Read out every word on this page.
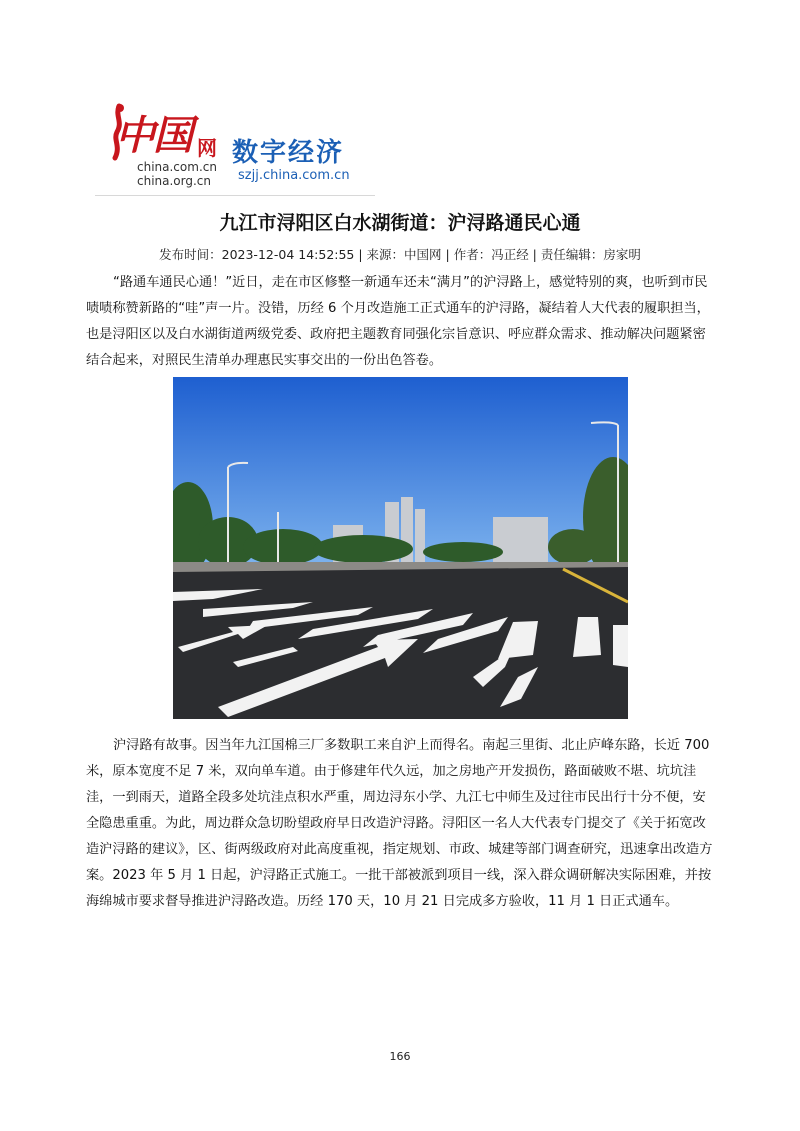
中国 网
china.com.cn
china.org.cn
数字经济
szjj.china.com.cn
九江市浔阳区白水湖街道：沪浔路通民心通
发布时间：2023-12-04 14:52:55 | 来源：中国网 | 作者：冯正经 | 责任编辑：房家明

“路通车通民心通！”近日，走在市区修整一新通车还未“满月”的沪浔路上，感觉特别的爽，也听到市民啧啧称赞新路的“哇”声一片。没错，历经 6 个月改造施工正式通车的沪浔路，凝结着人大代表的履职担当，也是浔阳区以及白水湖街道两级党委、政府把主题教育同强化宗旨意识、呼应群众需求、推动解决问题紧密结合起来，对照民生清单办理惠民实事交出的一份出色答卷。

沪浔路有故事。因当年九江国棉三厂多数职工来自沪上而得名。南起三里街、北止庐峰东路，长近 700 米，原本宽度不足 7 米，双向单车道。由于修建年代久远，加之房地产开发损伤，路面破败不堪、坑坑洼洼，一到雨天，道路全段多处坑洼点积水严重，周边浔东小学、九江七中师生及过往市民出行十分不便，安全隐患重重。为此，周边群众急切盼望政府早日改造沪浔路。浔阳区一名人大代表专门提交了《关于拓宽改造沪浔路的建议》，区、街两级政府对此高度重视，指定规划、市政、城建等部门调查研究，迅速拿出改造方案。2023 年 5 月 1 日起，沪浔路正式施工。一批干部被派到项目一线，深入群众调研解决实际困难，并按海绵城市要求督导推进沪浔路改造。历经 170 天，10 月 21 日完成多方验收，11 月 1 日正式通车。

166
